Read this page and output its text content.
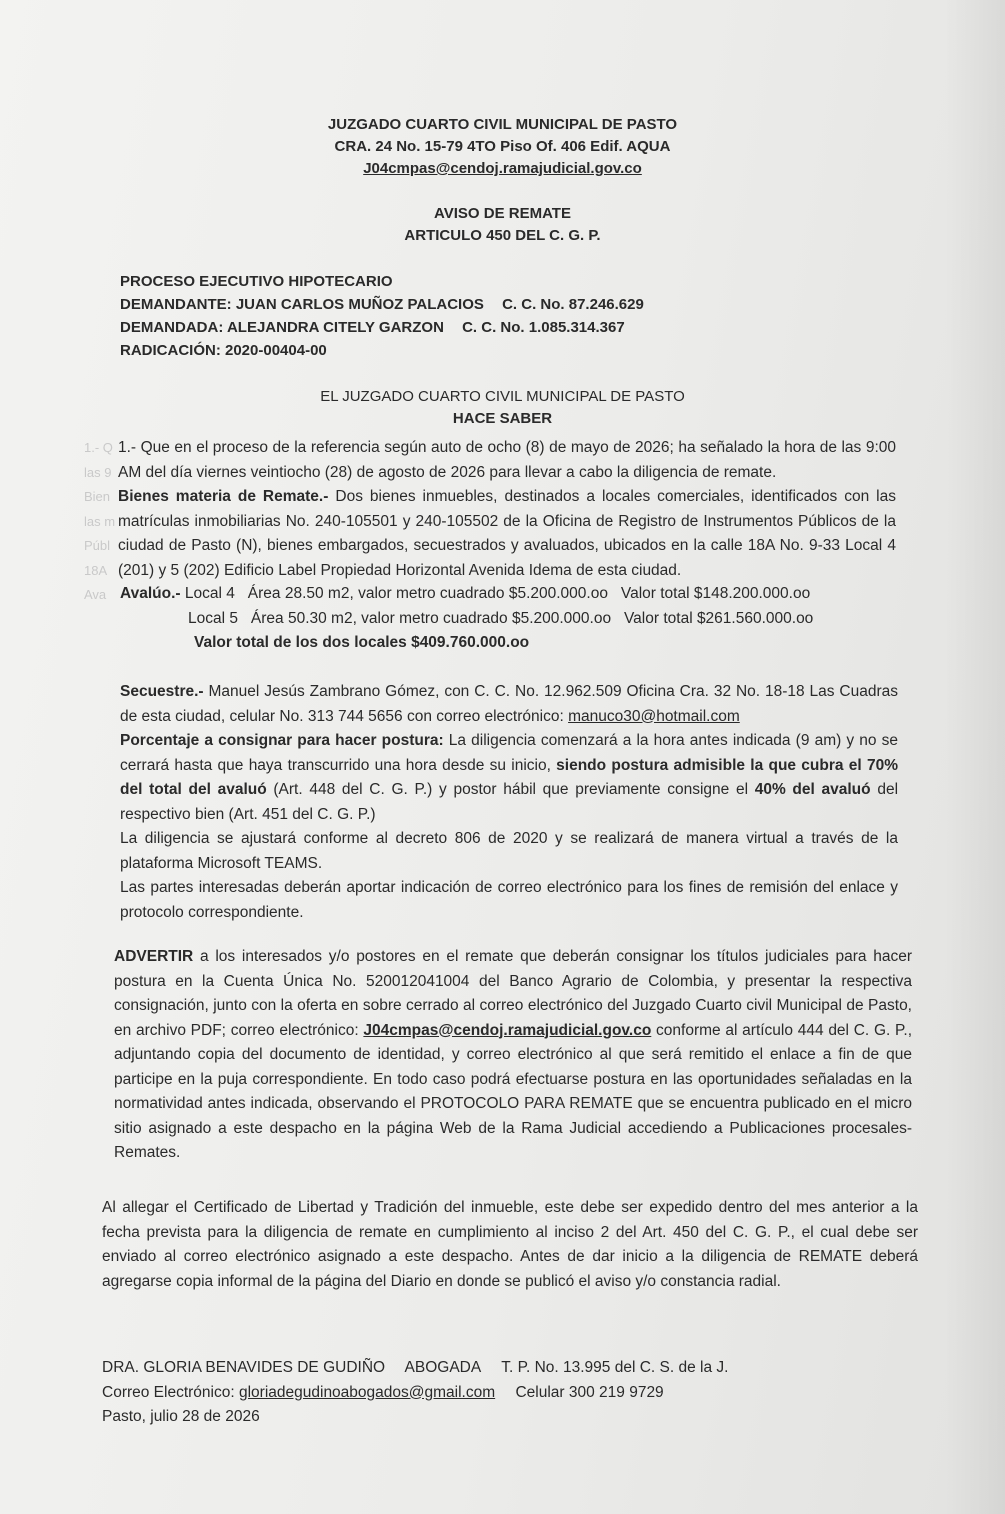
1.- Q
las 9
Bien
las m
Públ
18A
Ava
JUZGADO CUARTO CIVIL MUNICIPAL DE PASTO
CRA. 24 No. 15-79 4TO Piso Of. 406 Edif. AQUA
J04cmpas@cendoj.ramajudicial.gov.co
AVISO DE REMATE
ARTICULO 450 DEL C. G. P.
PROCESO EJECUTIVO HIPOTECARIO
DEMANDANTE: JUAN CARLOS MUÑOZ PALACIOS C. C. No. 87.246.629
DEMANDADA: ALEJANDRA CITELY GARZON C. C. No. 1.085.314.367
RADICACIÓN: 2020-00404-00
EL JUZGADO CUARTO CIVIL MUNICIPAL DE PASTO
HACE SABER
1.- Que en el proceso de la referencia según auto de ocho (8) de mayo de 2026; ha señalado la hora de las 9:00 AM del día viernes veintiocho (28) de agosto de 2026 para llevar a cabo la diligencia de remate.
Bienes materia de Remate.- Dos bienes inmuebles, destinados a locales comerciales, identificados con las matrículas inmobiliarias No. 240-105501 y 240-105502 de la Oficina de Registro de Instrumentos Públicos de la ciudad de Pasto (N), bienes embargados, secuestrados y avaluados, ubicados en la calle 18A No. 9-33 Local 4 (201) y 5 (202) Edificio Label Propiedad Horizontal Avenida Idema de esta ciudad.
Avalúo.- Local 4   Área 28.50 m2, valor metro cuadrado $5.200.000.oo   Valor total $148.200.000.oo
Local 5   Área 50.30 m2, valor metro cuadrado $5.200.000.oo   Valor total $261.560.000.oo
Valor total de los dos locales $409.760.000.oo
Secuestre.- Manuel Jesús Zambrano Gómez, con C. C. No. 12.962.509 Oficina Cra. 32 No. 18-18 Las Cuadras de esta ciudad, celular No. 313 744 5656 con correo electrónico: manuco30@hotmail.com
Porcentaje a consignar para hacer postura: La diligencia comenzará a la hora antes indicada (9 am) y no se cerrará hasta que haya transcurrido una hora desde su inicio, siendo postura admisible la que cubra el 70% del total del avaluó (Art. 448 del C. G. P.) y postor hábil que previamente consigne el 40% del avaluó del respectivo bien (Art. 451 del C. G. P.)
La diligencia se ajustará conforme al decreto 806 de 2020 y se realizará de manera virtual a través de la plataforma Microsoft TEAMS.
Las partes interesadas deberán aportar indicación de correo electrónico para los fines de remisión del enlace y protocolo correspondiente.
ADVERTIR a los interesados y/o postores en el remate que deberán consignar los títulos judiciales para hacer postura en la Cuenta Única No. 520012041004 del Banco Agrario de Colombia, y presentar la respectiva consignación, junto con la oferta en sobre cerrado al correo electrónico del Juzgado Cuarto civil Municipal de Pasto, en archivo PDF; correo electrónico: J04cmpas@cendoj.ramajudicial.gov.co conforme al artículo 444 del C. G. P., adjuntando copia del documento de identidad, y correo electrónico al que será remitido el enlace a fin de que participe en la puja correspondiente. En todo caso podrá efectuarse postura en las oportunidades señaladas en la normatividad antes indicada, observando el PROTOCOLO PARA REMATE que se encuentra publicado en el micro sitio asignado a este despacho en la página Web de la Rama Judicial accediendo a Publicaciones procesales-Remates.
Al allegar el Certificado de Libertad y Tradición del inmueble, este debe ser expedido dentro del mes anterior a la fecha prevista para la diligencia de remate en cumplimiento al inciso 2 del Art. 450 del C. G. P., el cual debe ser enviado al correo electrónico asignado a este despacho. Antes de dar inicio a la diligencia de REMATE deberá agregarse copia informal de la página del Diario en donde se publicó el aviso y/o constancia radial.
DRA. GLORIA BENAVIDES DE GUDIÑO ABOGADA T. P. No. 13.995 del C. S. de la J.
Correo Electrónico: gloriadegudinoabogados@gmail.com Celular 300 219 9729
Pasto, julio 28 de 2026
